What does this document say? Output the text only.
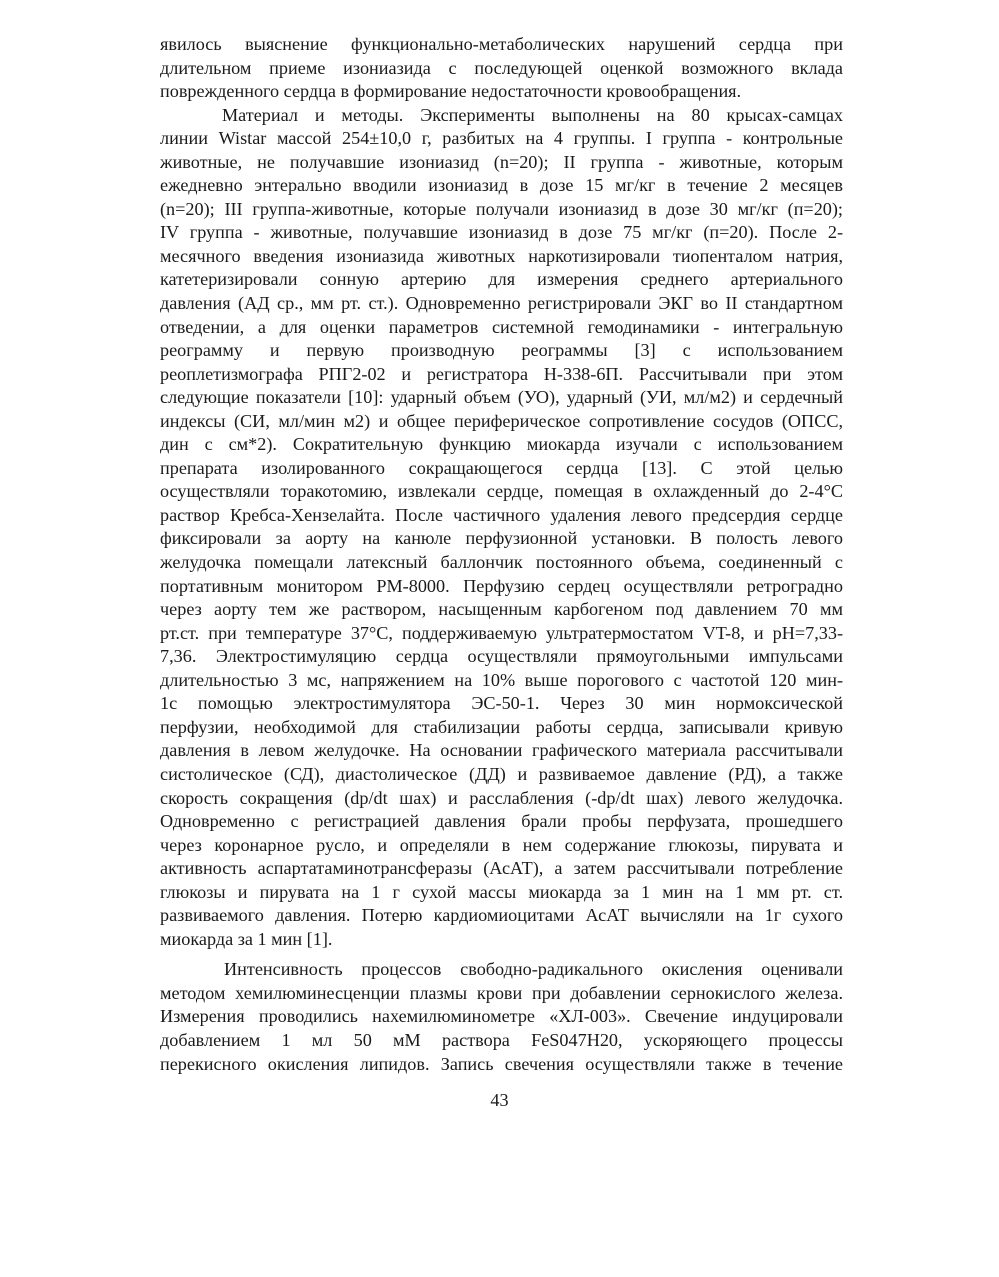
явилось выяснение функционально-метаболических нарушений сердца при
длительном приеме изониазида с последующей оценкой возможного вклада
поврежденного сердца в формирование недостаточности кровообращения.
Материал и методы. Эксперименты выполнены на 80 крысах-самцах
линии Wistar массой 254±10,0 г, разбитых на 4 группы. I группа - контрольные
животные, не получавшие изониазид (n=20); II группа - животные, которым
ежедневно энтерально вводили изониазид в дозе 15 мг/кг в течение 2 месяцев
(n=20); III группа-животные, которые получали изониазид в дозе 30 мг/кг (п=20);
IV группа - животные, получавшие изониазид в дозе 75 мг/кг (п=20). После 2-
месячного введения изониазида животных наркотизировали тиопенталом натрия,
катетеризировали сонную артерию для измерения среднего артериального
давления (АД ср., мм рт. ст.). Одновременно регистрировали ЭКГ во II стандартном
отведении, а для оценки параметров системной гемодинамики - интегральную
реограмму и первую производную реограммы [3] с использованием
реоплетизмографа РПГ2-02 и регистратора Н-338-6П. Рассчитывали при этом
следующие показатели [10]: ударный объем (УО), ударный (УИ, мл/м2) и сердечный
индексы (СИ, мл/мин м2) и общее периферическое сопротивление сосудов (ОПСС,
дин с см*2). Сократительную функцию миокарда изучали с использованием
препарата изолированного сокращающегося сердца [13]. С этой целью
осуществляли торакотомию, извлекали сердце, помещая в охлажденный до 2-4°С
раствор Кребса-Хензелайта. После частичного удаления левого предсердия сердце
фиксировали за аорту на канюле перфузионной установки. В полость левого
желудочка помещали латексный баллончик постоянного объема, соединенный с
портативным монитором РМ-8000. Перфузию сердец осуществляли ретроградно
через аорту тем же раствором, насыщенным карбогеном под давлением 70 мм
рт.ст. при температуре 37°С, поддерживаемую ультратермостатом VT-8, и рН=7,33-
7,36. Электростимуляцию сердца осуществляли прямоугольными импульсами
длительностью 3 мс, напряжением на 10% выше порогового с частотой 120 мин-
1с помощью электростимулятора ЭС-50-1. Через 30 мин нормоксической
перфузии, необходимой для стабилизации работы сердца, записывали кривую
давления в левом желудочке. На основании графического материала рассчитывали
систолическое (СД), диастолическое (ДД) и развиваемое давление (РД), а также
скорость сокращения (dp/dt шах) и расслабления (-dp/dt шах) левого желудочка.
Одновременно с регистрацией давления брали пробы перфузата, прошедшего
через коронарное русло, и определяли в нем содержание глюкозы, пирувата и
активность аспартатаминотрансферазы (АсАТ), а затем рассчитывали потребление
глюкозы и пирувата на 1 г сухой массы миокарда за 1 мин на 1 мм рт. ст.
развиваемого давления. Потерю кардиомиоцитами АсАТ вычисляли на 1г сухого
миокарда за 1 мин [1].
Интенсивность процессов свободно-радикального окисления оценивали
методом хемилюминесценции плазмы крови при добавлении сернокислого железа.
Измерения проводились нахемилюминометре «ХЛ-003». Свечение индуцировали
добавлением 1 мл 50 мМ раствора FeS047H20, ускоряющего процессы
перекисного окисления липидов. Запись свечения осуществляли также в течение
43
